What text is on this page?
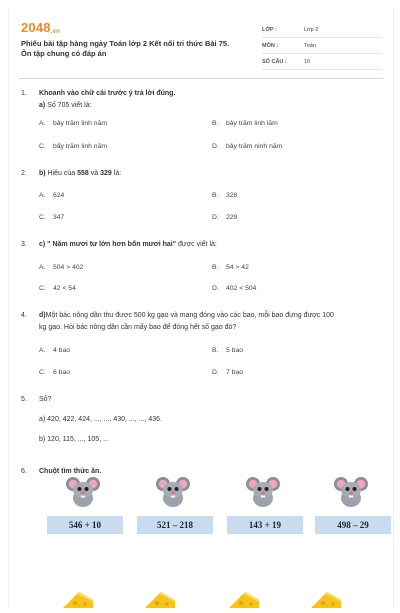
2048.vn
Phiếu bài tập hàng ngày Toán lớp 2 Kết nối tri thức Bài 75.
Ôn tập chung có đáp án
LỚP :	Lớp 2
MÔN :	Toán
SỐ CÂU :	10
1.	Khoanh vào chữ cái trước ý trả lời đúng.
a) Số 705 viết là:
A. bảy trăm linh năm	B. bảy trăm linh lăm
C. bẩy trăm linh năm	D. bảy trăm ninh năm
2.	b) Hiệu của 558 và 329 là:
A. 624	B. 328
C. 347	D. 229
3.	c) " Năm mươi tư lớn hơn bốn mươi hai" được viết là:
A. 504 > 402	B. 54 > 42
C. 42 < 54	D. 402 < 504
4.	d)Một bác nông dân thu được 500 kg gạo và mang đóng vào các bao, mỗi bao đựng được 100
kg gạo. Hỏi bác nông dân cần mấy bao để đóng hết số gạo đó?
A. 4 bao	B. 5 bao
C. 6 bao	D. 7 bao
5.	Số?
a) 420, 422, 424, ..., ..., 430, ..., ..., 436.
b) 120, 115, ..., 105, ...
6.	Chuột tìm thức ăn.
546 + 10	521 – 218	143 + 19	498 – 29
